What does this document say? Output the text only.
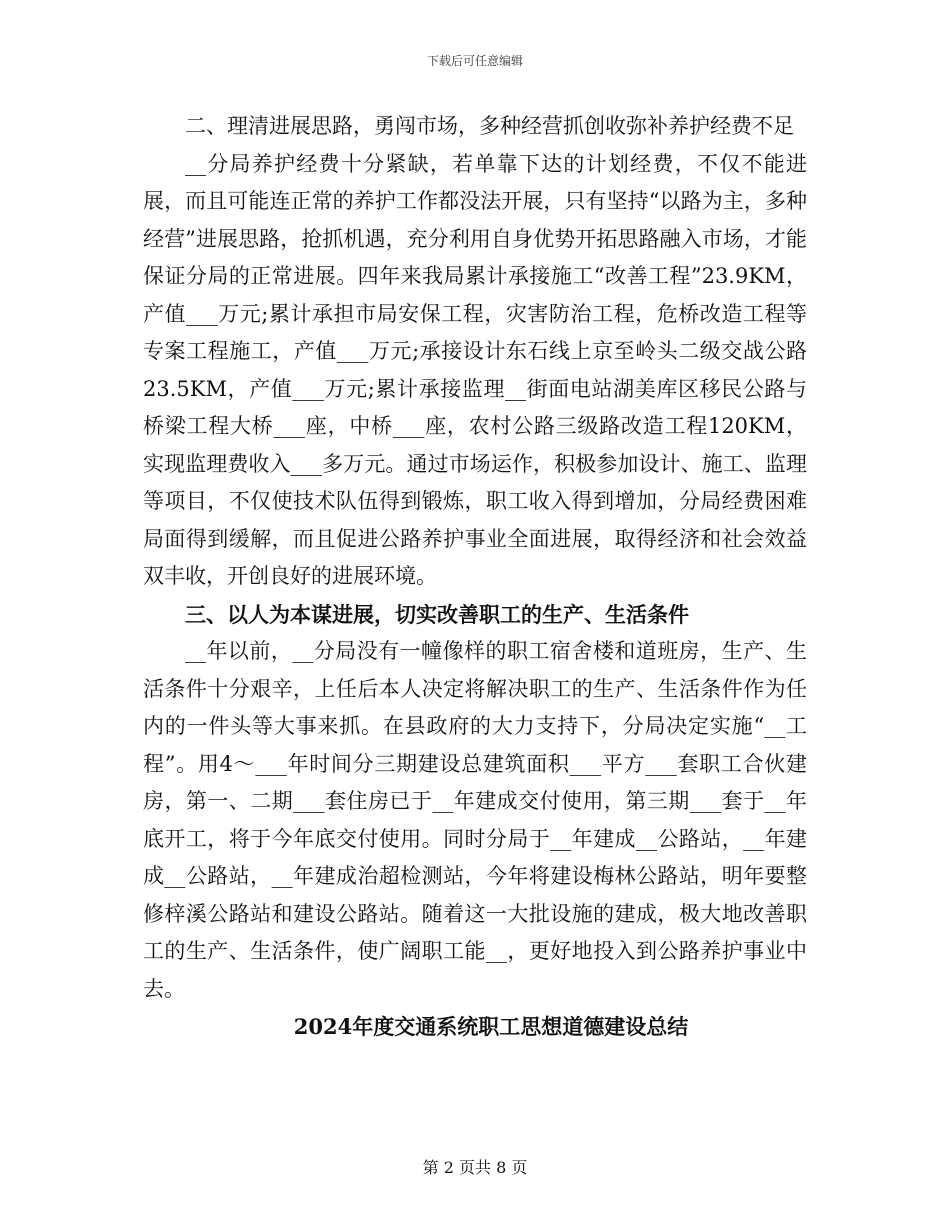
下载后可任意编辑

二、理清进展思路，勇闯市场，多种经营抓创收弥补养护经费不足

__分局养护经费十分紧缺，若单靠下达的计划经费，不仅不能进展，而且可能连正常的养护工作都没法开展，只有坚持“以路为主，多种经营”进展思路，抢抓机遇，充分利用自身优势开拓思路融入市场，才能保证分局的正常进展。四年来我局累计承接施工“改善工程”23.9KM，产值___万元;累计承担市局安保工程，灾害防治工程，危桥改造工程等专案工程施工，产值___万元;承接设计东石线上京至岭头二级交战公路23.5KM，产值___万元;累计承接监理__街面电站湖美库区移民公路与桥梁工程大桥___座，中桥___座，农村公路三级路改造工程120KM，实现监理费收入___多万元。通过市场运作，积极参加设计、施工、监理等项目，不仅使技术队伍得到锻炼，职工收入得到增加，分局经费困难局面得到缓解，而且促进公路养护事业全面进展，取得经济和社会效益双丰收，开创良好的进展环境。

三、以人为本谋进展，切实改善职工的生产、生活条件

__年以前，__分局没有一幢像样的职工宿舍楼和道班房，生产、生活条件十分艰辛，上任后本人决定将解决职工的生产、生活条件作为任内的一件头等大事来抓。在县政府的大力支持下，分局决定实施“__工程”。用4～___年时间分三期建设总建筑面积___平方___套职工合伙建房，第一、二期___套住房已于__年建成交付使用，第三期___套于__年底开工，将于今年底交付使用。同时分局于__年建成__公路站，__年建成__公路站，__年建成治超检测站，今年将建设梅林公路站，明年要整修梓溪公路站和建设公路站。随着这一大批设施的建成，极大地改善职工的生产、生活条件，使广阔职工能__，更好地投入到公路养护事业中去。

2024年度交通系统职工思想道德建设总结

第 2 页共 8 页
